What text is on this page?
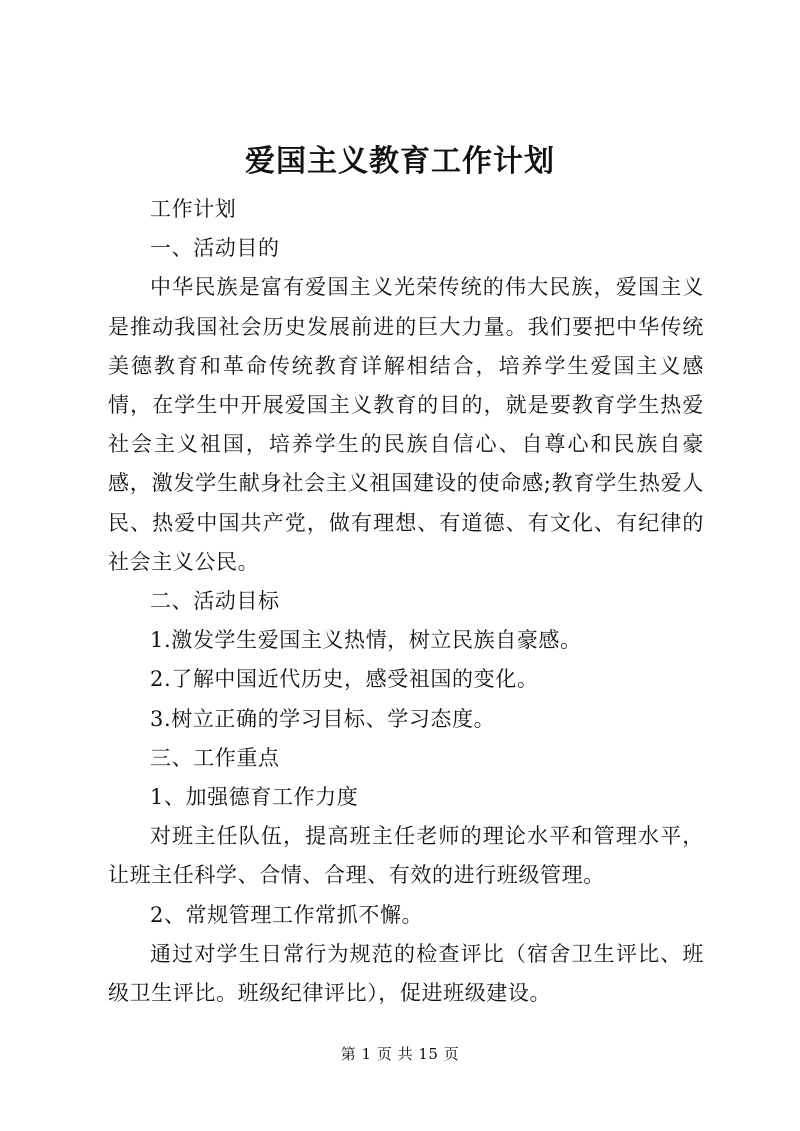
爱国主义教育工作计划

工作计划

一、活动目的

中华民族是富有爱国主义光荣传统的伟大民族，爱国主义是推动我国社会历史发展前进的巨大力量。我们要把中华传统美德教育和革命传统教育详解相结合，培养学生爱国主义感情，在学生中开展爱国主义教育的目的，就是要教育学生热爱社会主义祖国，培养学生的民族自信心、自尊心和民族自豪感，激发学生献身社会主义祖国建设的使命感;教育学生热爱人民、热爱中国共产党，做有理想、有道德、有文化、有纪律的社会主义公民。

二、活动目标

1.激发学生爱国主义热情，树立民族自豪感。

2.了解中国近代历史，感受祖国的变化。

3.树立正确的学习目标、学习态度。

三、工作重点

1、加强德育工作力度

对班主任队伍，提高班主任老师的理论水平和管理水平，让班主任科学、合情、合理、有效的进行班级管理。

2、常规管理工作常抓不懈。

通过对学生日常行为规范的检查评比（宿舍卫生评比、班级卫生评比。班级纪律评比），促进班级建设。

第 1 页 共 15 页
